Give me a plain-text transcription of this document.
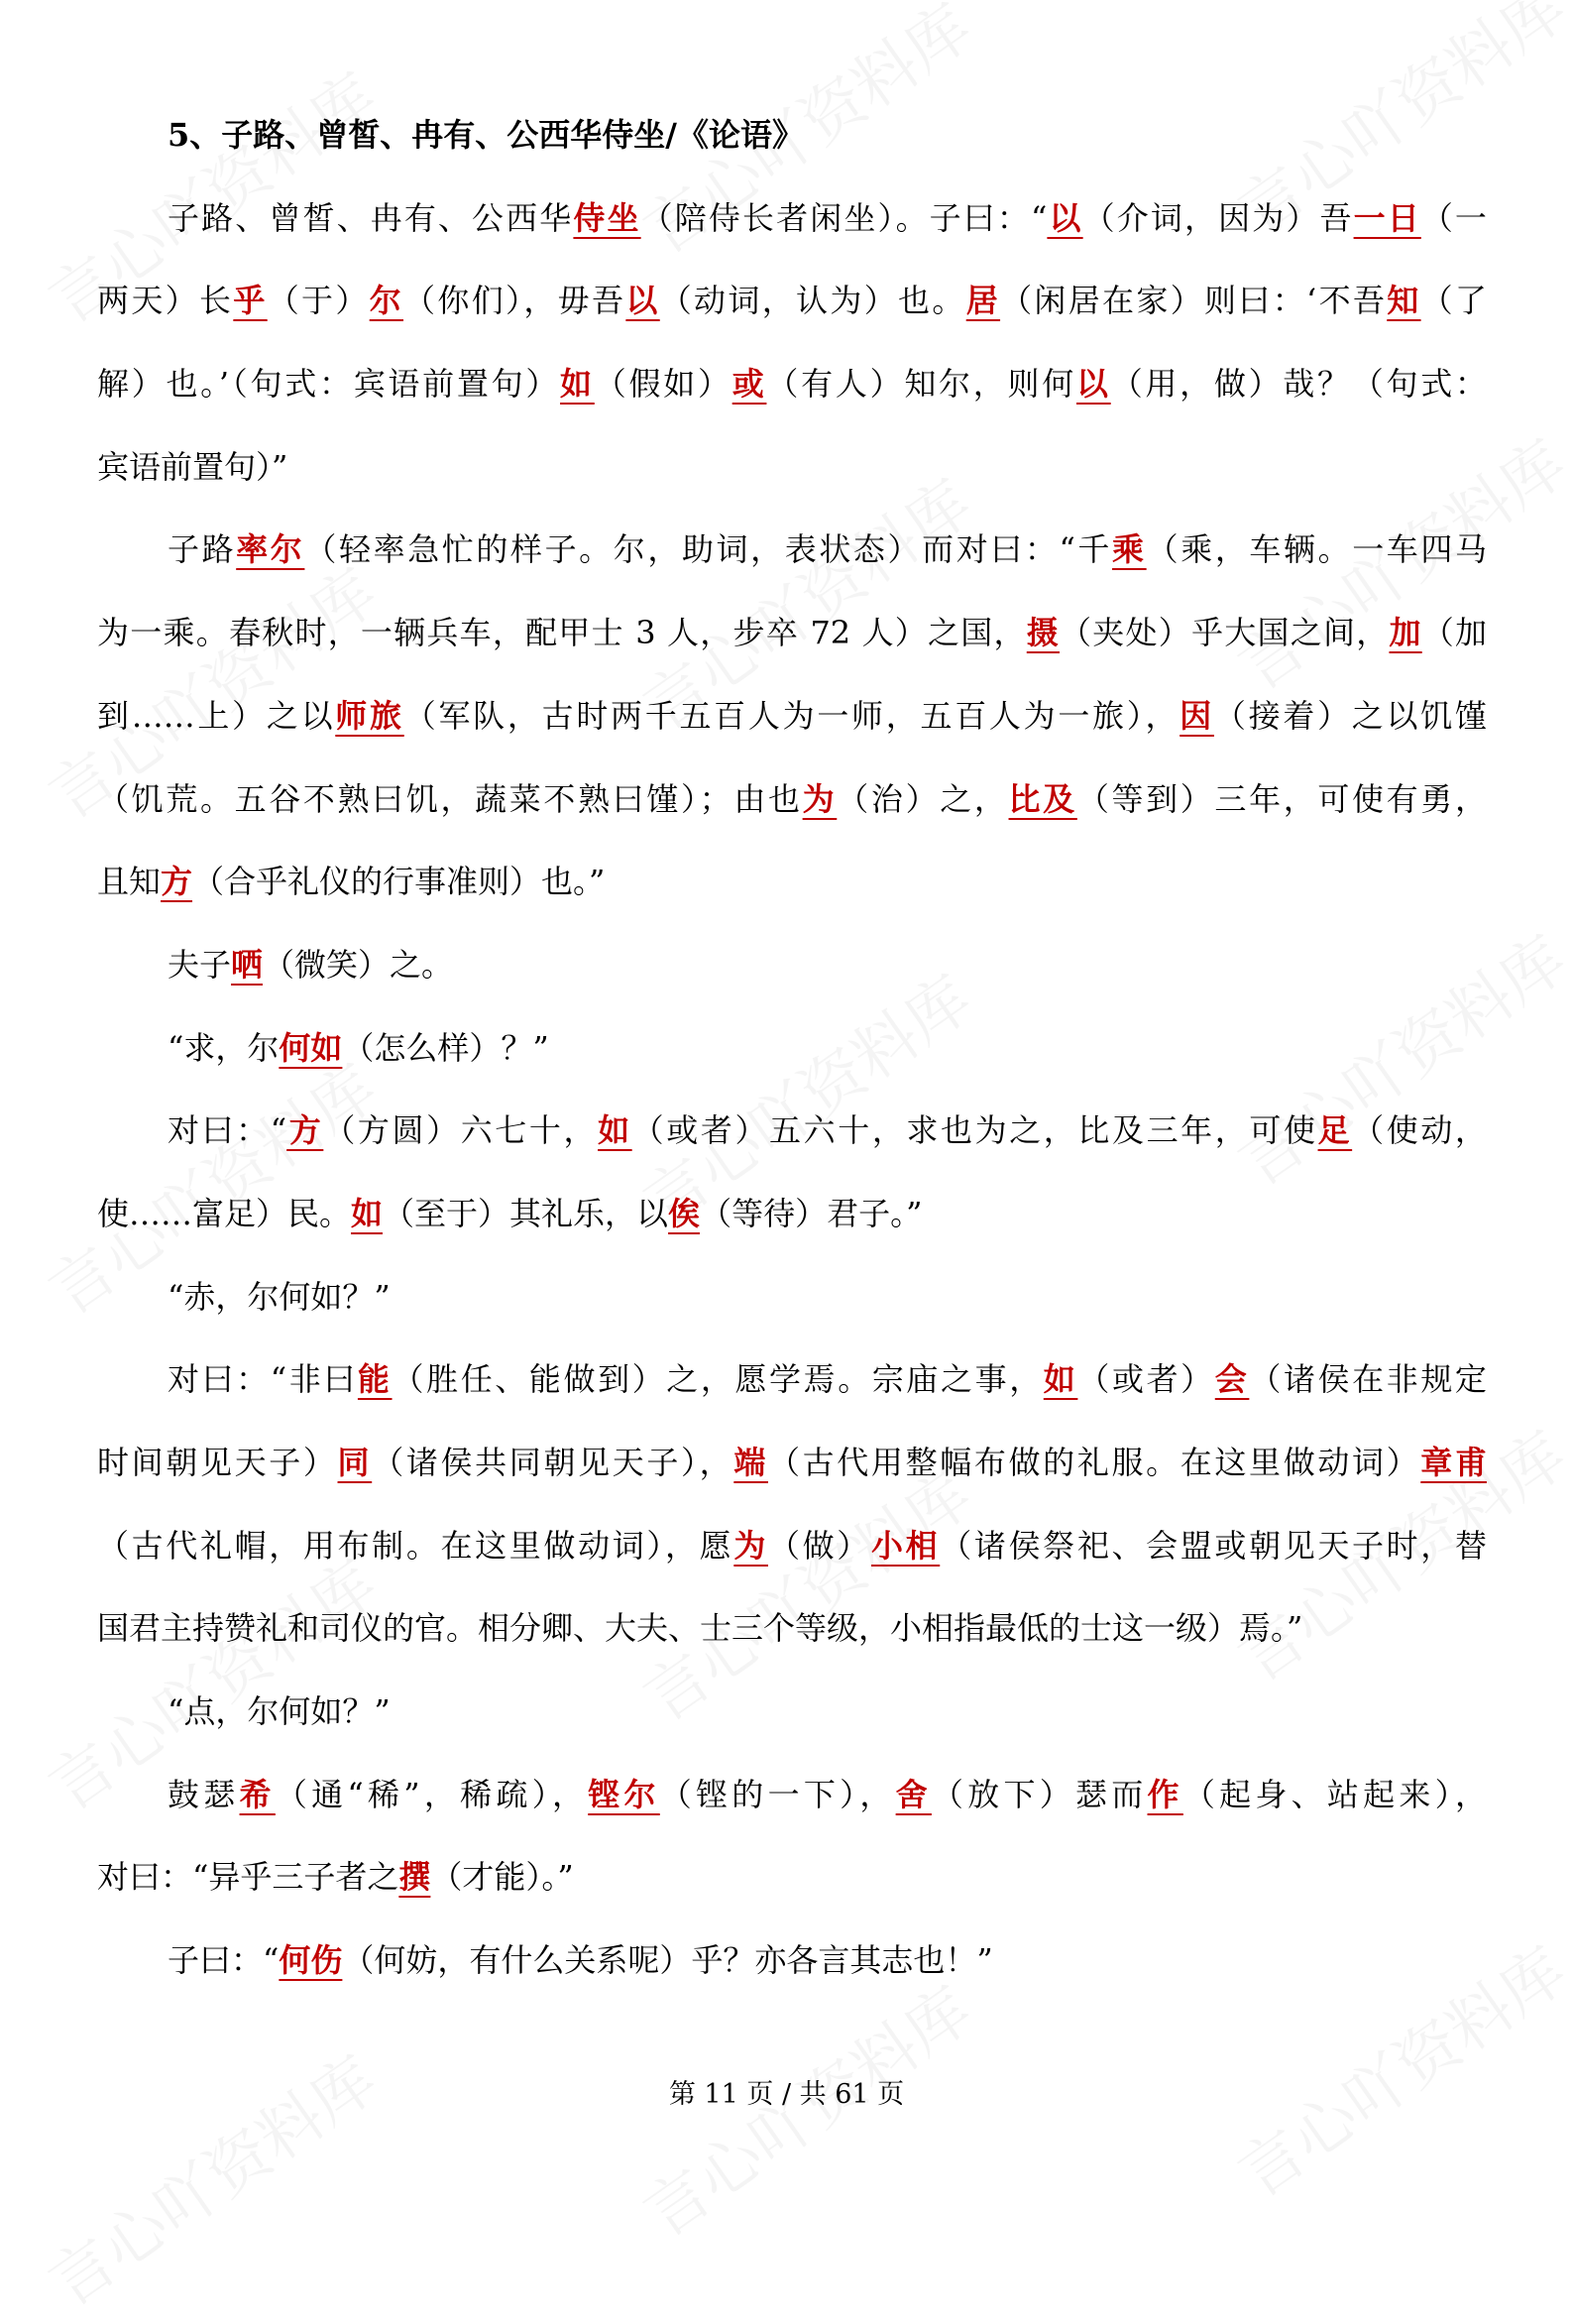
5、子路、曾皙、冉有、公西华侍坐/《论语》
子路、曾皙、冉有、公西华侍坐（陪侍长者闲坐）。子曰：“以（介词，因为）吾一日（一
两天）长乎（于）尔（你们），毋吾以（动词，认为）也。居（闲居在家）则曰：‘不吾知（了
解）也。’（句式：宾语前置句）如（假如）或（有人）知尔，则何以（用，做）哉？（句式：
宾语前置句）”
子路率尔（轻率急忙的样子。尔，助词，表状态）而对曰：“千乘（乘，车辆。一车四马
为一乘。春秋时，一辆兵车，配甲士 3 人，步卒 72 人）之国，摄（夹处）乎大国之间，加（加
到……上）之以师旅（军队，古时两千五百人为一师，五百人为一旅），因（接着）之以饥馑
（饥荒。五谷不熟曰饥，蔬菜不熟曰馑）；由也为（治）之，比及（等到）三年，可使有勇，
且知方（合乎礼仪的行事准则）也。”
夫子哂（微笑）之。
“求，尔何如（怎么样）？”
对曰：“方（方圆）六七十，如（或者）五六十，求也为之，比及三年，可使足（使动，
使……富足）民。如（至于）其礼乐，以俟（等待）君子。”
“赤，尔何如？”
对曰：“非曰能（胜任、能做到）之，愿学焉。宗庙之事，如（或者）会（诸侯在非规定
时间朝见天子）同（诸侯共同朝见天子），端（古代用整幅布做的礼服。在这里做动词）章甫
（古代礼帽，用布制。在这里做动词），愿为（做）小相（诸侯祭祀、会盟或朝见天子时，替
国君主持赞礼和司仪的官。相分卿、大夫、士三个等级，小相指最低的士这一级）焉。”
“点，尔何如？”
鼓瑟希（通“稀”，稀疏），铿尔（铿的一下），舍（放下）瑟而作（起身、站起来），
对曰：“异乎三子者之撰（才能）。”
子曰：“何伤（何妨，有什么关系呢）乎？亦各言其志也！”
第 11 页 / 共 61 页
